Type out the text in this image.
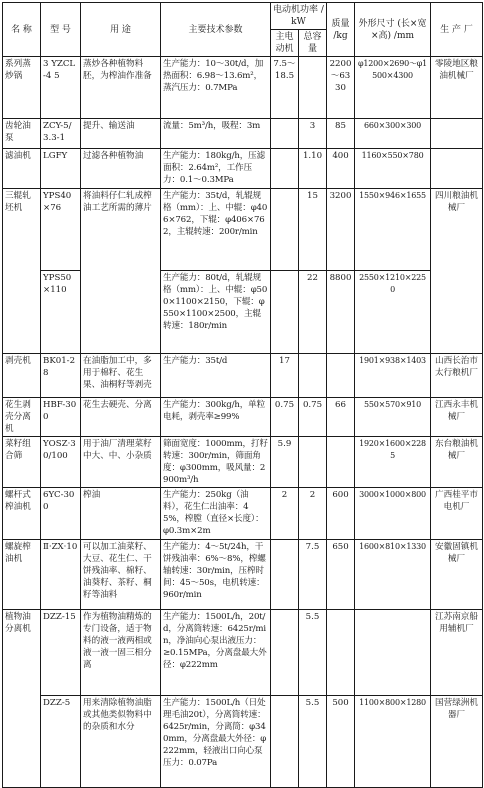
名 称	型 号	用 途	主要技术参数	电动机功率 /kW		质量 /kg	外形尺寸 (长×宽×高) /mm	生 产 厂
				主电动机	总容量			
系列蒸炒锅	3 YZCL-4 5	蒸炒各种植物料胚，为榨油作准备	生产能力：10～30t/d，加热面积：6.98～13.6m²，蒸汽压力：0.7MPa	7.5～18.5		2200～6330	φ1200×2690～φ1500×4300	零陵地区粮油机械厂
齿轮油泵	ZCY-5/3.3-1	提升、输送油	流量：5m³/h，吸程：3m		3	85	660×300×300	
滤油机	LGFY	过滤各种植物油	生产能力：180kg/h，压滤面积：2.64m²，工作压力：0.1～0.3MPa		1.10	400	1160×550×780	
三辊轧坯机	YPS40×76	将油料仔仁轧成榨油工艺所需的薄片	生产能力：35t/d，轧辊规格（mm）：上、中辊：φ406×762，下辊：φ406×762，主辊转速：200r/min		15	3200	1550×946×1655	四川粮油机械厂
	YPS50×110		生产能力：80t/d，轧辊规格（mm）：上、中辊：φ500×1100×2150，下辊：φ550×1100×2500，主辊转速：180r/min		22	8800	2550×1210×2250	
剥壳机	BK01-28	在油脂加工中，多用于棉籽、花生果、油桐籽等剥壳	生产能力：35t/d	17			1901×938×1403	山西长治市太行粮机厂
花生剥壳分离机	HBF-300	花生去硬壳、分离	生产能力：300kg/h，单粒电耗，剥壳率≥99%	0.75	0.75	66	550×570×910	江西永丰机械厂
菜籽组合筛	YOSZ·30/100	用于油厂清理菜籽中大、中、小杂质	筛面宽度：1000mm，打籽转速：300r/min，筛面角度：φ300mm，吸风量：2900m³/h	5.9			1920×1600×2285	东台粮油机械厂
螺杆式榨油机	6YC-300	榨油	生产能力：250kg（油料），花生仁出油率：45%，榨膛（直径×长度）：φ0.3m×2m	2	2	600	3000×1000×800	广西桂平市电机厂
螺旋榨油机	Ⅱ·ZX·10	可以加工油菜籽、大豆、花生仁、干饼残油率、棉籽、油葵籽、茶籽、桐籽等油料	生产能力：4～5t/24h，干饼残油率：6%～8%，榨螺轴转速：30r/min，压榨时间：45～50s，电机转速：960r/min		7.5	650	1600×810×1330	安徽固镇机械厂
植物油分离机	DZZ-15	作为植物油精炼的专门设备，适于物料的液一液两相或液一液一固三相分离	生产能力：1500L/h，20t/d，分离筒转速：6425r/min，净油向心泵出液压力：≥0.15MPa，分离盘最大外径：φ222mm		5.5			江苏南京船用辅机厂
	DZZ-5	用来清除植物油脂或其他类似物料中的杂质和水分	生产能力：1500L/h（日处理毛油20t），分离筒转速：6425r/min，分离筒：φ340mm，分离盘最大外径：φ222mm，轻液出口向心泵压力：0.07Pa		5.5	500	1100×800×1280	国营绿洲机器厂
